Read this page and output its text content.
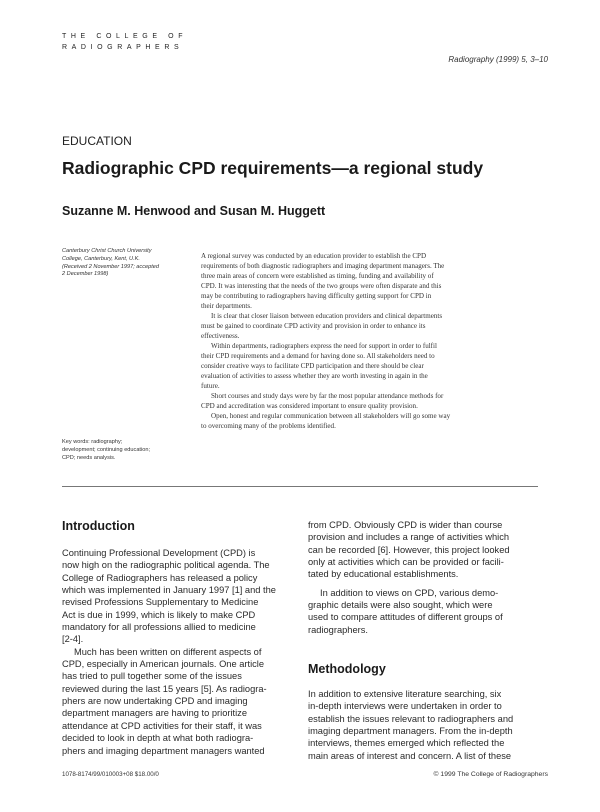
THE COLLEGE OF
RADIOGRAPHERS
Radiography (1999) 5, 3–10
EDUCATION
Radiographic CPD requirements—a regional study
Suzanne M. Henwood and Susan M. Huggett
Canterbury Christ Church University
College, Canterbury, Kent, U.K.
(Received 2 November 1997; accepted
2 December 1998)
Key words: radiography;
development; continuing education;
CPD; needs analysis.
A regional survey was conducted by an education provider to establish the CPD
requirements of both diagnostic radiographers and imaging department managers. The
three main areas of concern were established as timing, funding and availability of
CPD. It was interesting that the needs of the two groups were often disparate and this
may be contributing to radiographers having difficulty getting support for CPD in
their departments.
It is clear that closer liaison between education providers and clinical departments
must be gained to coordinate CPD activity and provision in order to enhance its
effectiveness.
Within departments, radiographers express the need for support in order to fulfil
their CPD requirements and a demand for having done so. All stakeholders need to
consider creative ways to facilitate CPD participation and there should be clear
evaluation of activities to assess whether they are worth investing in again in the
future.
Short courses and study days were by far the most popular attendance methods for
CPD and accreditation was considered important to ensure quality provision.
Open, honest and regular communication between all stakeholders will go some way
to overcoming many of the problems identified.
Introduction
Continuing Professional Development (CPD) is
now high on the radiographic political agenda. The
College of Radiographers has released a policy
which was implemented in January 1997 [1] and the
revised Professions Supplementary to Medicine
Act is due in 1999, which is likely to make CPD
mandatory for all professions allied to medicine
[2-4].
Much has been written on different aspects of
CPD, especially in American journals. One article
has tried to pull together some of the issues
reviewed during the last 15 years [5]. As radiogra-
phers are now undertaking CPD and imaging
department managers are having to prioritize
attendance at CPD activities for their staff, it was
decided to look in depth at what both radiogra-
phers and imaging department managers wanted
from CPD. Obviously CPD is wider than course
provision and includes a range of activities which
can be recorded [6]. However, this project looked
only at activities which can be provided or facili-
tated by educational establishments.
In addition to views on CPD, various demo-
graphic details were also sought, which were
used to compare attitudes of different groups of
radiographers.
Methodology
In addition to extensive literature searching, six
in-depth interviews were undertaken in order to
establish the issues relevant to radiographers and
imaging department managers. From the in-depth
interviews, themes emerged which reflected the
main areas of interest and concern. A list of these
1078-8174/99/010003+08 $18.00/0	© 1999 The College of Radiographers
